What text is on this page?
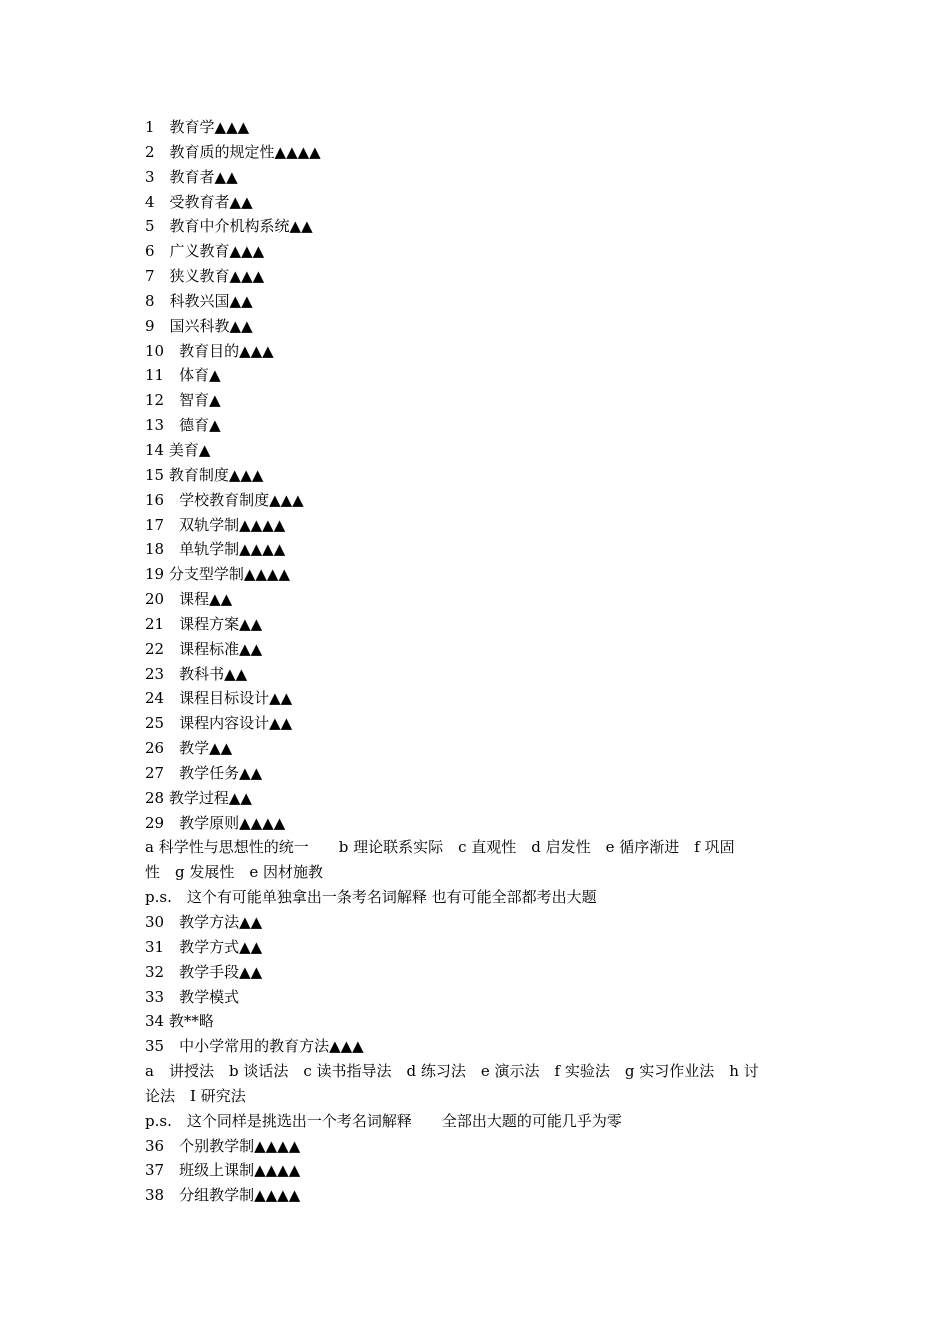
1　教育学▲▲▲
2　教育质的规定性▲▲▲▲
3　教育者▲▲
4　受教育者▲▲
5　教育中介机构系统▲▲
6　广义教育▲▲▲
7　狭义教育▲▲▲
8　科教兴国▲▲
9　国兴科教▲▲
10　教育目的▲▲▲
11　体育▲
12　智育▲
13　德育▲
14 美育▲
15 教育制度▲▲▲
16　学校教育制度▲▲▲
17　双轨学制▲▲▲▲
18　单轨学制▲▲▲▲
19 分支型学制▲▲▲▲
20　课程▲▲
21　课程方案▲▲
22　课程标准▲▲
23　教科书▲▲
24　课程目标设计▲▲
25　课程内容设计▲▲
26　教学▲▲
27　教学任务▲▲
28 教学过程▲▲
29　教学原则▲▲▲▲
a 科学性与思想性的统一　　b 理论联系实际　c 直观性　d 启发性　e 循序渐进　f 巩固
性　g 发展性　e 因材施教
p.s.　这个有可能单独拿出一条考名词解释 也有可能全部都考出大题
30　教学方法▲▲
31　教学方式▲▲
32　教学手段▲▲
33　教学模式
34 教**略
35　中小学常用的教育方法▲▲▲
a　讲授法　b 谈话法　c 读书指导法　d 练习法　e 演示法　f 实验法　g 实习作业法　h 讨
论法　I 研究法
p.s.　这个同样是挑选出一个考名词解释　　全部出大题的可能几乎为零
36　个别教学制▲▲▲▲
37　班级上课制▲▲▲▲
38　分组教学制▲▲▲▲
